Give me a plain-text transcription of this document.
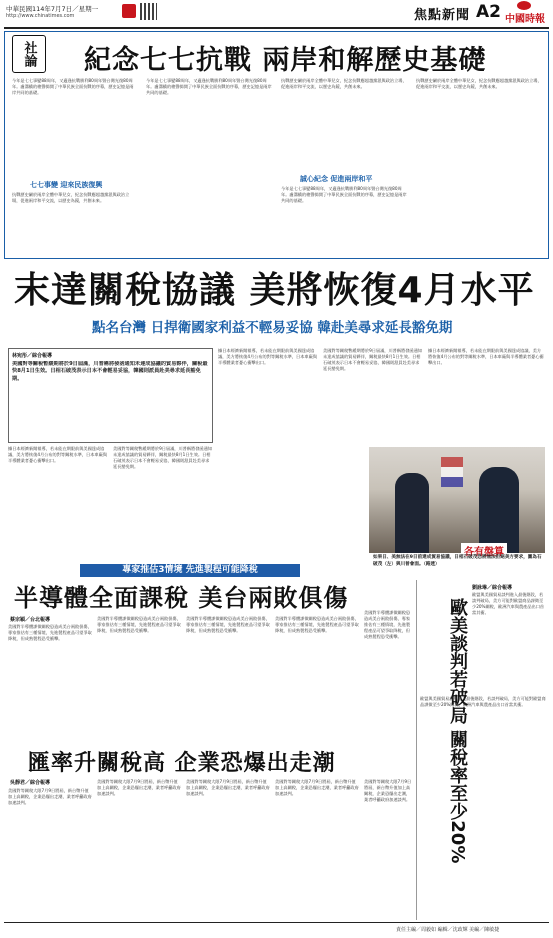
中華民國114年7月7日／星期一
http://www.chinatimes.com	焦點新聞 A2 中國時報
社論	紀念七七抗戰 兩岸和解歷史基礎
今年是七七事變88周年，又適逢抗戰勝利80周年暨台灣光復80周年。盧溝橋的槍聲揭開了中華民族全面抗戰的序幕，歷史記憶是兩岸共同的基礎。
七七事變 迎來民族復興
抗戰歷史屬於兩岸全體中華兒女，紀念抗戰應超越黨派與政治立場，促進兩岸和平交流，以歷史為鏡，共創未來。
今年是七七事變88周年，又適逢抗戰勝利80周年暨台灣光復80周年。盧溝橋的槍聲揭開了中華民族全面抗戰的序幕，歷史記憶是兩岸共同的基礎。
抗戰歷史屬於兩岸全體中華兒女，紀念抗戰應超越黨派與政治立場，促進兩岸和平交流，以歷史為鏡，共創未來。
誠心紀念 促進兩岸和平
今年是七七事變88周年，又適逢抗戰勝利80周年暨台灣光復80周年。盧溝橋的槍聲揭開了中華民族全面抗戰的序幕，歷史記憶是兩岸共同的基礎。
抗戰歷史屬於兩岸全體中華兒女，紀念抗戰應超越黨派與政治立場，促進兩岸和平交流，以歷史為鏡，共創未來。
末達關稅協議 美將恢復4月水平
點名台灣 日捍衛國家利益不輕易妥協 韓赴美尋求延長豁免期
林宛彤／綜合報導
美國對等關稅暫緩期將於9日屆滿，川普稱將發函通知未達成協議的貿易夥伴，關稅最快8月1日生效。日相石破茂表示日本不會輕易妥協，韓國則派員赴美尋求延長豁免期。
據日本經濟新聞報導，若未能在期限前與美國達成協議，美方將恢復4月公布的對等關稅水準，日本車廠與半導體業者憂心衝擊出口。
美國對等關稅暫緩期將於9日屆滿，川普稱將發函通知未達成協議的貿易夥伴，關稅最快8月1日生效。日相石破茂表示日本不會輕易妥協，韓國則派員赴美尋求延長豁免期。
據日本經濟新聞報導，若未能在期限前與美國達成協議，美方將恢復4月公布的對等關稅水準，日本車廠與半導體業者憂心衝擊出口。
美國對等關稅暫緩期將於9日屆滿，川普稱將發函通知未達成協議的貿易夥伴，關稅最快8月1日生效。日相石破茂表示日本不會輕易妥協，韓國則派員赴美尋求延長豁免期。
據日本經濟新聞報導，若未能在期限前與美國達成協議，美方將恢復4月公布的對等關稅水準，日本車廠與半導體業者憂心衝擊出口。
各有盤算
如果日、美無法在9日前達成貿易協議，日相石破茂恐將無法拒絕美方要求，圖為石破茂（左）與川普會面。（路透）
專家推估3情境 先進製程可能降稅
半導體全面課稅 美台兩敗俱傷
蔡宗穎／台北報導
美國對半導體課徵關稅恐造成美台兩敗俱傷，專家推估有三種情境，先進製程產品可望爭取降稅，但成熟製程恐受衝擊。
美國對半導體課徵關稅恐造成美台兩敗俱傷，專家推估有三種情境，先進製程產品可望爭取降稅，但成熟製程恐受衝擊。
美國對半導體課徵關稅恐造成美台兩敗俱傷，專家推估有三種情境，先進製程產品可望爭取降稅，但成熟製程恐受衝擊。
美國對半導體課徵關稅恐造成美台兩敗俱傷，專家推估有三種情境，先進製程產品可望爭取降稅，但成熟製程恐受衝擊。
美國對半導體課徵關稅恐造成美台兩敗俱傷，專家推估有三種情境，先進製程產品可望爭取降稅，但成熟製程恐受衝擊。
匯率升關稅高 企業恐爆出走潮
吳靜君／綜合報導
美國對等關稅大限7月9日將屆，新台幣升值加上高關稅，企業恐爆出走潮，業者呼籲政府加速談判。
美國對等關稅大限7月9日將屆，新台幣升值加上高關稅，企業恐爆出走潮，業者呼籲政府加速談判。
美國對等關稅大限7月9日將屆，新台幣升值加上高關稅，企業恐爆出走潮，業者呼籲政府加速談判。
美國對等關稅大限7月9日將屆，新台幣升值加上高關稅，企業恐爆出走潮，業者呼籲政府加速談判。
美國對等關稅大限7月9日將屆，新台幣升值加上高關稅，企業恐爆出走潮，業者呼籲政府加速談判。 歐美談判若破局 關稅率至少20%
劉詠琳／綜合報導
歐盟與美國貿易談判進入最後階段，若談判破局，美方可能對歐盟商品課徵至少20%關稅，歐洲汽車與農產品出口首當其衝。
歐盟與美國貿易談判進入最後階段，若談判破局，美方可能對歐盟商品課徵至少20%關稅，歐洲汽車與農產品出口首當其衝。
責任主編／周毅如 編輯／沈政輝 美編／陳敏捷
